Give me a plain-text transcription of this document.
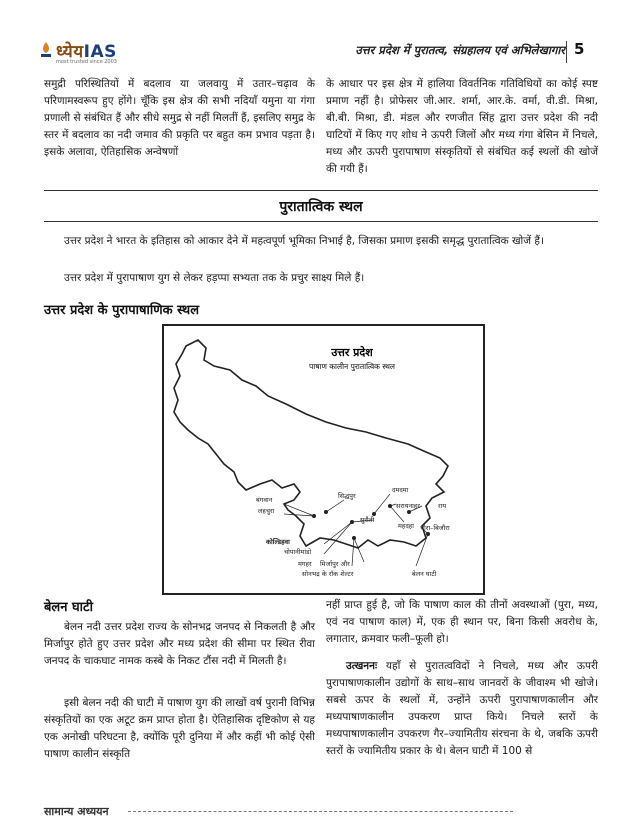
ध्येयIAS
most trusted since 2003
उत्तर प्रदेश में पुरातत्व, संग्रहालय एवं अभिलेखागार 5
समुद्री परिस्थितियों में बदलाव या जलवायु में उतार–चढ़ाव के परिणामस्वरूप हुए होंगे। चूँकि इस क्षेत्र की सभी नदियाँ यमुना या गंगा प्रणाली से संबंधित हैं और सीधे समुद्र से नहीं मिलतीं हैं, इसलिए समुद्र के स्तर में बदलाव का नदी जमाव की प्रकृति पर बहुत कम प्रभाव पड़ता है। इसके अलावा, ऐतिहासिक अन्वेषणों
के आधार पर इस क्षेत्र में हालिया विवर्तनिक गतिविधियों का कोई स्पष्ट प्रमाण नहीं है। प्रोफेसर जी.आर. शर्मा, आर.के. वर्मा, वी.डी. मिश्रा, बी.बी. मिश्रा, डी. मंडल और रणजीत सिंह द्वारा उत्तर प्रदेश की नदी घाटियों में किए गए शोध ने ऊपरी जिलों और मध्य गंगा बेसिन में निचले, मध्य और ऊपरी पुरापाषाण संस्कृतियों से संबंधित कई स्थलों की खोजें की गयी हैं।
पुरातात्विक स्थल
उत्तर प्रदेश ने भारत के इतिहास को आकार देने में महत्वपूर्ण भूमिका निभाई है, जिसका प्रमाण इसकी समृद्ध पुरातात्विक खोजें हैं।
उत्तर प्रदेश में पुरापाषाण युग से लेकर हड़प्पा सभ्यता तक के प्रचुर साक्ष्य मिले हैं।
उत्तर प्रदेश के पुरापाषाणिक स्थल
उत्तर प्रदेश
पाषाण कालीन पुरातात्विक स्थल
बंगवान
लहचुरा
सिद्धपुर
दमदमा
सुरौती
सरायनाहर	राय
महदहा
कोल्डिहवा
चोपानीमांडो
मगहर मिर्जापुर और
सोनभद्र के रॉक शेल्टर
चौरा–बिजौरा
बेलन घाटी
बेलन घाटी
बेलन नदी उत्तर प्रदेश राज्य के सोनभद्र जनपद से निकलती है और मिर्जापुर होते हुए उत्तर प्रदेश और मध्य प्रदेश की सीमा पर स्थित रीवा जनपद के चाकघाट नामक कस्बे के निकट टौंस नदी में मिलती है।
इसी बेलन नदी की घाटी में पाषाण युग की लाखों वर्ष पुरानी विभिन्न संस्कृतियों का एक अटूट क्रम प्राप्त होता है। ऐतिहासिक दृष्टिकोण से यह एक अनोखी परिघटना है, क्योंकि पूरी दुनिया में और कहीं भी कोई ऐसी पाषाण कालीन संस्कृति
नहीं प्राप्त हुई है, जो कि पाषाण काल की तीनों अवस्थाओं (पुरा, मध्य, एवं नव पाषाण काल) में, एक ही स्थान पर, बिना किसी अवरोध के, लगातार, क्रमवार फली–फूली हो।
उत्खननः यहाँ से पुरातत्वविदों ने निचले, मध्य और ऊपरी पुरापाषाणकालीन उद्योगों के साथ–साथ जानवरों के जीवाश्म भी खोजे। सबसे ऊपर के स्थलों में, उन्होंने ऊपरी पुरापाषाणकालीन और मध्यपाषाणकालीन उपकरण प्राप्त किये। निचले स्तरों के मध्यपाषाणकालीन उपकरण गैर–ज्यामितीय संरचना के थे, जबकि ऊपरी स्तरों के ज्यामितीय प्रकार के थे। बेलन घाटी में 100 से
सामान्य अध्ययन
